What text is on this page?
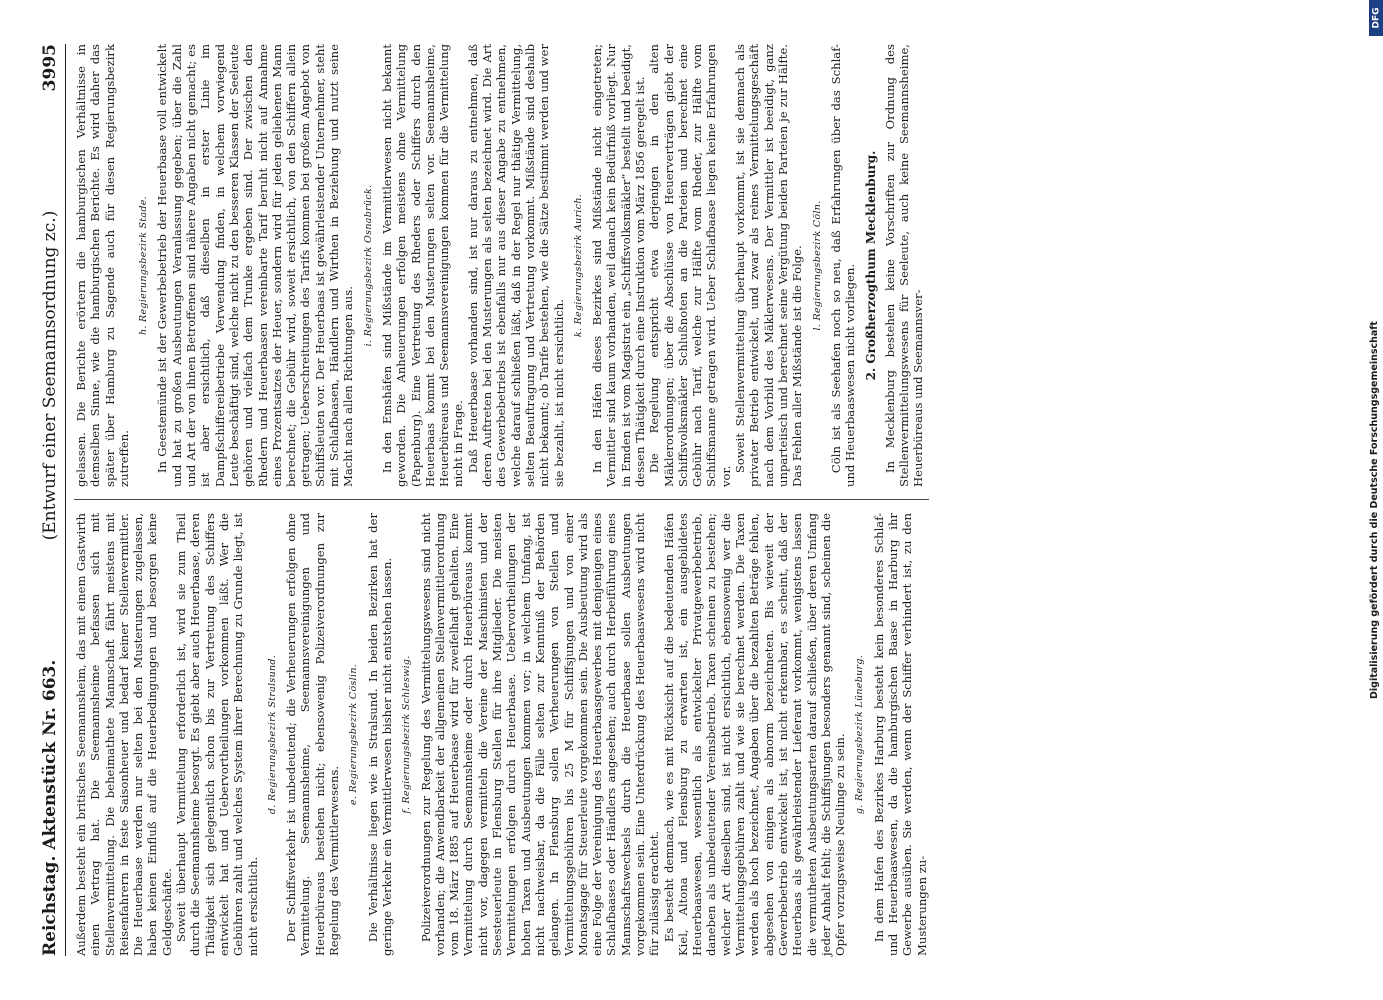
DFG
Digitalisierung gefördert durch die Deutsche Forschungsgemeinschaft
Reichstag. Aktenstück Nr. 663.
(Entwurf einer Seemannsordnung zc.)
3995

Außerdem besteht ein britisches Seemannsheim, das mit einem Gastwirth einen Vertrag hat. Die Seemannsheime befassen sich mit Stellenvermittelung. Die beheimathete Mannschaft fährt meistens mit Reisenfahrern in feste Saisonheuer und bedarf keiner Stellenvermittler. Die Heuerbaase werden nur selten bei den Musterungen zugelassen, haben keinen Einfluß auf die Heuerbedingungen und besorgen keine Geldgeschäfte. Soweit überhaupt Vermittelung erforderlich ist, wird sie zum Theil durch die Seemannsheime besorgt. Es giebt aber auch Heuerbaase, deren Thätigkeit sich gelegentlich schon bis zur Vertretung des Schiffers entwickelt hat und Uebervortheilungen vorkommen läßt. Wer die Gebühren zahlt und welches System ihrer Berechnung zu Grunde liegt, ist nicht ersichtlich.

d. Regierungsbezirk Stralsund. Der Schiffsverkehr ist unbedeutend; die Verheuerungen erfolgen ohne Vermittelung. Seemannsheime, Seemannsvereinigungen und Heuerbüreaus bestehen nicht; ebensowenig Polizeiverordnungen zur Regelung des Vermittlerwesens.

e. Regierungsbezirk Cöslin. Die Verhältnisse liegen wie in Stralsund. In beiden Bezirken hat der geringe Verkehr ein Vermittlerwesen bisher nicht entstehen lassen. f. Regierungsbezirk Schleswig. Polizeiverordnungen zur Regelung des Vermittelungswesens sind nicht vorhanden; die Anwendbarkeit der allgemeinen Stellenvermittlerordnung vom 18. März 1885 auf Heuerbaase wird für zweifelhaft gehalten. Eine Vermittelung durch Seemannsheime oder durch Heuerbüreaus kommt nicht vor, dagegen vermitteln die Vereine der Maschinisten und der Seesteuerleute in Flensburg Stellen für ihre Mitglieder. Die meisten Vermittelungen erfolgen durch Heuerbaase. Uebervortheilungen der hohen Taxen und Ausbeutungen kommen vor; in welchem Umfang, ist nicht nachweisbar, da die Fälle selten zur Kenntniß der Behörden gelangen. In Flensburg sollen Verheuerungen von Stellen und Vermittelungsgebühren bis 25 M für Schiffsjungen und von einer Monatsgage für Steuerleute vorgekommen sein. Die Ausbeutung wird als eine Folge der Vereinigung des Heuerbaasgewerbes mit demjenigen eines Schlafbaases oder Händlers angesehen; auch durch Herbeiführung eines Mannschaftswechsels durch die Heuerbaase sollen Ausbeutungen vorgekommen sein. Eine Unterdrückung des Heuerbaaswesens wird nicht für zulässig erachtet. Es besteht demnach, wie es mit Rücksicht auf die bedeutenden Häfen Kiel, Altona und Flensburg zu erwarten ist, ein ausgebildetes Heuerbaaswesen, wesentlich als entwickelter Privatgewerbebetrieb, daneben als unbedeutender Vereinsbetrieb. Taxen scheinen zu bestehen; welcher Art dieselben sind, ist nicht ersichtlich, ebensowenig wer die Vermittelungsgebühren zahlt und wie sie berechnet werden. Die Taxen werden als hoch bezeichnet, Angaben über die bezahlten Beträge fehlen, abgesehen von einigen als abnorm bezeichneten. Bis wieweit der Gewerbebetrieb entwickelt ist, ist nicht erkennbar, es scheint, daß der Heuerbaas als gewährleistender Lieferant vorkommt, wenigstens lassen die vermutheten Ausbeutungsarten darauf schließen, über deren Umfang jeder Anhalt fehlt; die Schiffsjungen besonders genannt sind, scheinen die Opfer vorzugsweise Neulinge zu sein. g. Regierungsbezirk Lüneburg. In dem Hafen des Bezirkes Harburg besteht kein besonderes Schlaf- und Heuerbaaswesen, da die hamburgischen Baase in Harburg ihr Gewerbe ausüben. Sie werden, wenn der Schiffer verhindert ist, zu den Musterungen zu-

gelassen. Die Berichte erörtern die hamburgischen Verhältnisse in demselben Sinne, wie die hamburgischen Berichte. Es wird daher das später über Hamburg zu Sagende auch für diesen Regierungsbezirk zutreffen.

h. Regierungsbezirk Stade. In Geestemünde ist der Gewerbebetrieb der Heuerbaase voll entwickelt und hat zu großen Ausbeutungen Veranlassung gegeben; über die Zahl und Art der von ihnen Betroffenen sind nähere Angaben nicht gemacht; es ist aber ersichtlich, daß dieselben in erster Linie im Dampfschiffereibetriebe Verwendung finden, in welchem vorwiegend Leute beschäftigt sind, welche nicht zu den besseren Klassen der Seeleute gehören und vielfach dem Trunke ergeben sind. Der zwischen den Rhedern und Heuerbaasen vereinbarte Tarif beruht nicht auf Annahme eines Prozentsatzes der Heuer, sondern wird für jeden geliehenen Mann berechnet; die Gebühr wird, soweit ersichtlich, von den Schiffern allein getragen; Ueberschreitungen des Tarifs kommen bei großem Angebot von Schiffsleuten vor. Der Heuerbaas ist gewährleistender Unternehmer, steht mit Schlafbaasen, Händlern und Wirthen in Beziehung und nutzt seine Macht nach allen Richtungen aus.

i. Regierungsbezirk Osnabrück. In den Emshäfen sind Mißstände im Vermittlerwesen nicht bekannt geworden. Die Anheuerungen erfolgen meistens ohne Vermittelung (Papenburg). Eine Vertretung des Rheders oder Schiffers durch den Heuerbaas kommt bei den Musterungen selten vor. Seemannsheime, Heuerbüreaus und Seemannsvereinigungen kommen für die Vermittelung nicht in Frage. Daß Heuerbaase vorhanden sind, ist nur daraus zu entnehmen, daß deren Auftreten bei den Musterungen als selten bezeichnet wird. Die Art des Gewerbebetriebs ist ebenfalls nur aus dieser Angabe zu entnehmen, welche darauf schließen läßt, daß in der Regel nur thätige Vermittelung, selten Beauftragung und Vertretung vorkommt. Mißstände sind deshalb nicht bekannt; ob Tarife bestehen, wie die Sätze bestimmt werden und wer sie bezahlt, ist nicht ersichtlich.

k. Regierungsbezirk Aurich. In den Häfen dieses Bezirkes sind Mißstände nicht eingetreten; Vermittler sind kaum vorhanden, weil danach kein Bedürfniß vorliegt. Nur in Emden ist vom Magistrat ein „Schiffsvolksmäkler“ bestellt und beeidigt, dessen Thätigkeit durch eine Instruktion vom März 1856 geregelt ist. Die Regelung entspricht etwa derjenigen in den alten Mäklerordnungen; über die Abschlüsse von Heuerverträgen giebt der Schiffsvolksmäkler Schlußnoten an die Parteien und berechnet eine Gebühr nach Tarif, welche zur Hälfte vom Rheder, zur Hälfte vom Schiffsmanne getragen wird. Ueber Schlafbaase liegen keine Erfahrungen vor.

Soweit Stellenvermittelung überhaupt vorkommt, ist sie demnach als privater Betrieb entwickelt, und zwar als reines Vermittelungsgeschäft nach dem Vorbild des Mäklerwesens. Der Vermittler ist beeidigt, ganz unparteiisch und berechnet seine Vergütung beiden Parteien je zur Hälfte. Das Fehlen aller Mißstände ist die Folge. l. Regierungsbezirk Cöln. Cöln ist als Seehafen noch so neu, daß Erfahrungen über das Schlaf- und Heuerbaaswesen nicht vorliegen. 2. Großherzogthum Mecklenburg. In Mecklenburg bestehen keine Vorschriften zur Ordnung des Stellenvermittelungswesens für Seeleute, auch keine Seemannsheime, Heuerbüreaus und Seemannsver-
